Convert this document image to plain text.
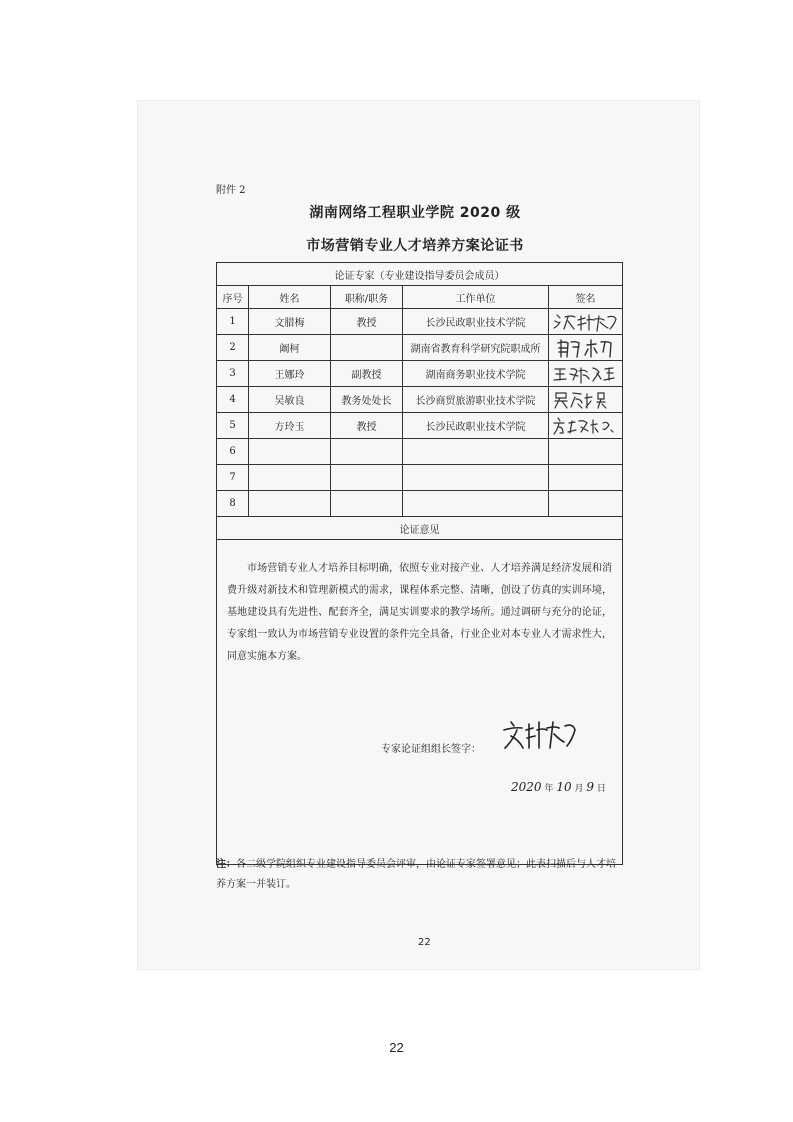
附件 2
湖南网络工程职业学院 2020 级
市场营销专业人才培养方案论证书
论证专家（专业建设指导委员会成员）				
序号	姓名	职称/职务	工作单位	签名
1	文腊梅	教授	长沙民政职业技术学院	

2	阚柯		湖南省教育科学研究院职成所	

3	王娜玲	副教授	湖南商务职业技术学院	

4	吴敏良	教务处处长	长沙商贸旅游职业技术学院	

5	方玲玉	教授	长沙民政职业技术学院	

6				
7				
8				
论证意见				

市场营销专业人才培养目标明确，依照专业对接产业、人才培养满足经济发展和消费升级对新技术和管理新模式的需求，课程体系完整、清晰，创设了仿真的实训环境，基地建设具有先进性、配套齐全，满足实训要求的教学场所。通过调研与充分的论证，专家组一致认为市场营销专业设置的条件完全具备，行业企业对本专业人才需求性大，同意实施本方案。
专家论证组组长签字：
2020 年 10 月 9 日				
注：各二级学院组织专业建设指导委员会评审，由论证专家签署意见；此表扫描后与人才培养方案一并装订。
22
22
